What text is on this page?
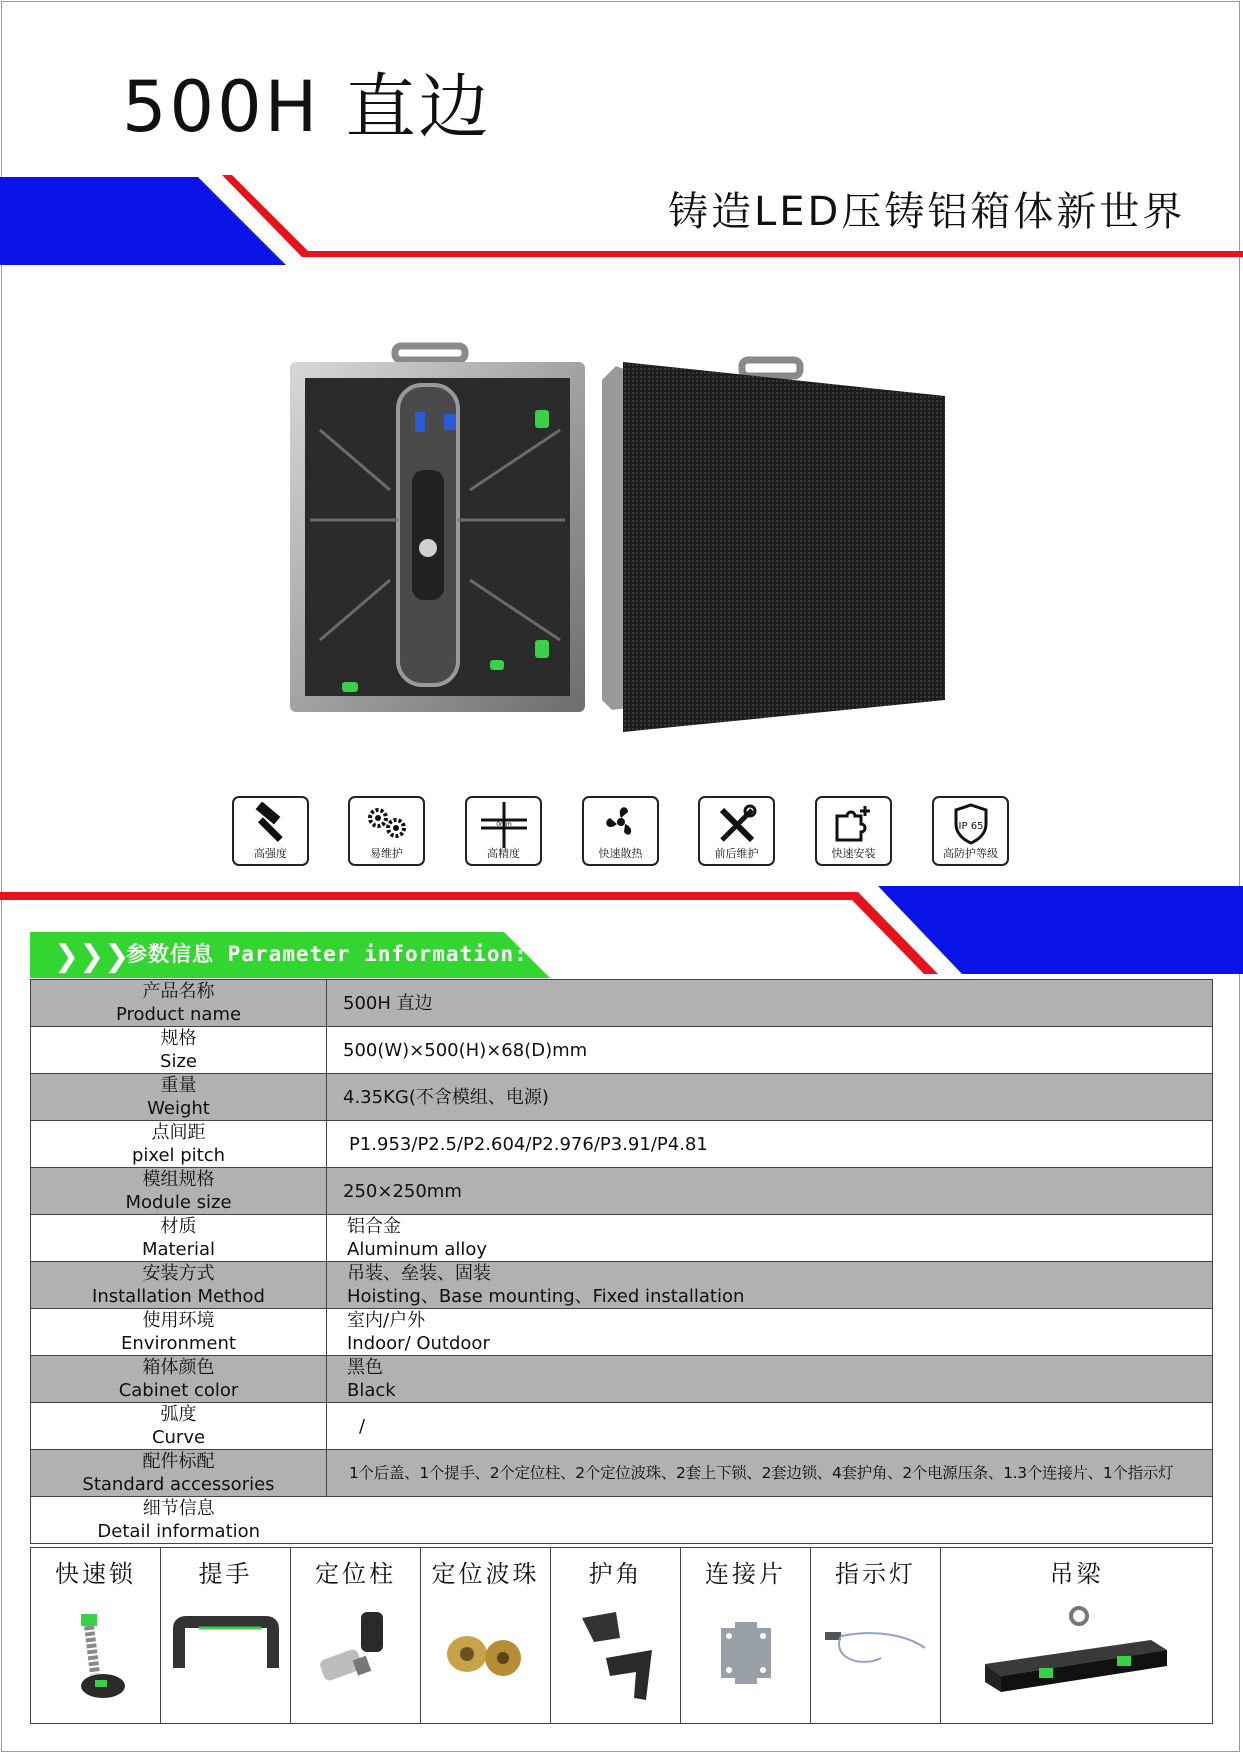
500H 直边
铸造LED压铸铝箱体新世界
高强度	易维护
0mm
高精度	快速散热	前后维护	快速安装
IP 65
高防护等级
❯❯❯
参数信息 Parameter information:
产品名称
Product name	500H 直边

规格
Size	500(W)×500(H)×68(D)mm

重量
Weight	4.35KG(不含模组、电源)

点间距
pixel pitch	P1.953/P2.5/P2.604/P2.976/P3.91/P4.81

模组规格
Module size	250×250mm

材质
Material	铝合金
Aluminum alloy

安装方式
Installation Method	吊装、垒装、固装
Hoisting、Base mounting、Fixed installation

使用环境
Environment	室内/户外
Indoor/ Outdoor

箱体颜色
Cabinet color	黑色
Black

弧度
Curve	/

配件标配
Standard accessories	1个后盖、1个提手、2个定位柱、2个定位波珠、2套上下锁、2套边锁、4套护角、2个电源压条、1.3个连接片、1个指示灯

细节信息
Detail information	

快速锁	提手	定位柱	定位波珠	护角	连接片	指示灯	吊梁
